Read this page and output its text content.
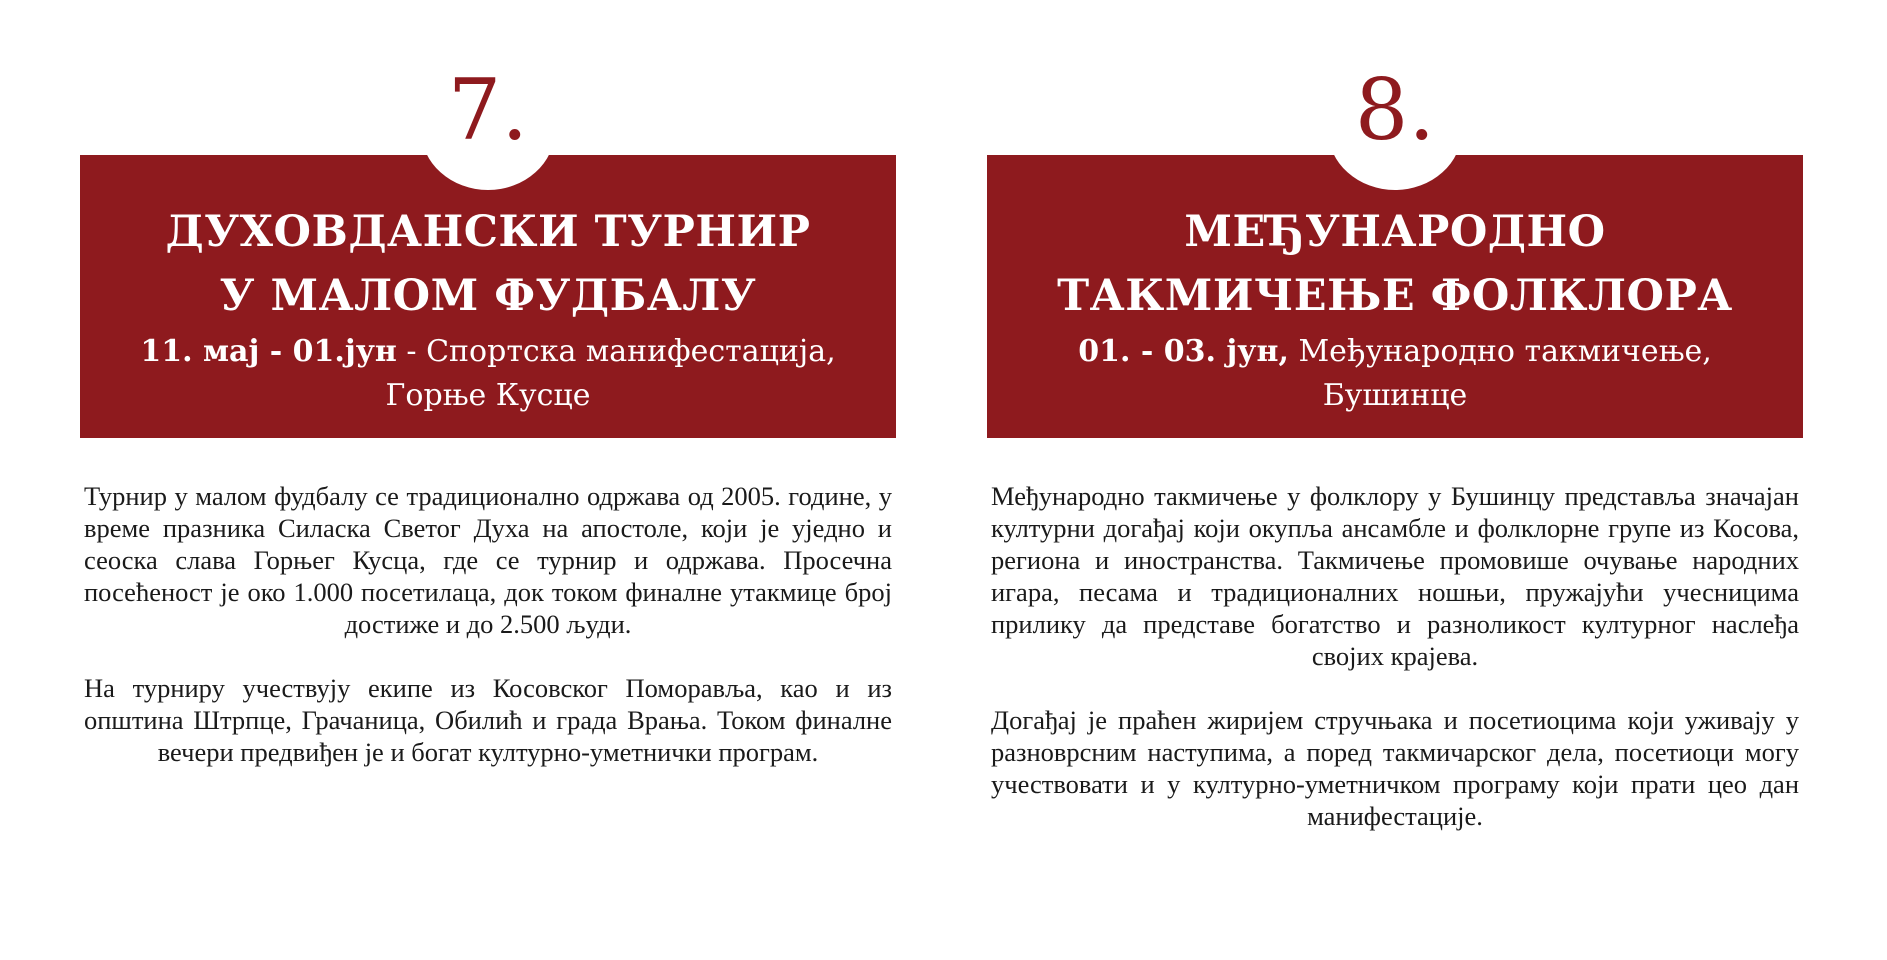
7.
ДУХОВДАНСКИ ТУРНИР
У МАЛОМ ФУДБАЛУ
11. мај - 01.јун - Спортска манифестација,
Горње Кусце

Турнир у малом фудбалу се традиционално одржава од 2005. године, у време празника Силаска Светог Духа на апостоле, који је уједно и сеоска слава Горњег Кусца, где се турнир и одржава. Просечна посећеност је око 1.000 посетилаца, док током финалне утакмице број достиже и до 2.500 људи.

На турниру учествују екипе из Косовског Поморавља, као и из општина Штрпце, Грачаница, Обилић и града Врања. Током финалне вечери предвиђен је и богат културно-уметнички програм.

8.
МЕЂУНАРОДНО
ТАКМИЧЕЊЕ ФОЛКЛОРА
01. - 03. јун, Међународно такмичење,
Бушинце

Међународно такмичење у фолклору у Бушинцу представља значајан културни догађај који окупља ансамбле и фолклорне групе из Косова, региона и иностранства. Такмичење промовише очување народних игара, песама и традиционалних ношњи, пружајући учесницима прилику да представе богатство и разноликост културног наслеђа својих крајева.

Догађај је праћен жиријем стручњака и посетиоцима који уживају у разноврсним наступима, а поред такмичарског дела, посетиоци могу учествовати и у културно-уметничком програму који прати цео дан манифестације.
